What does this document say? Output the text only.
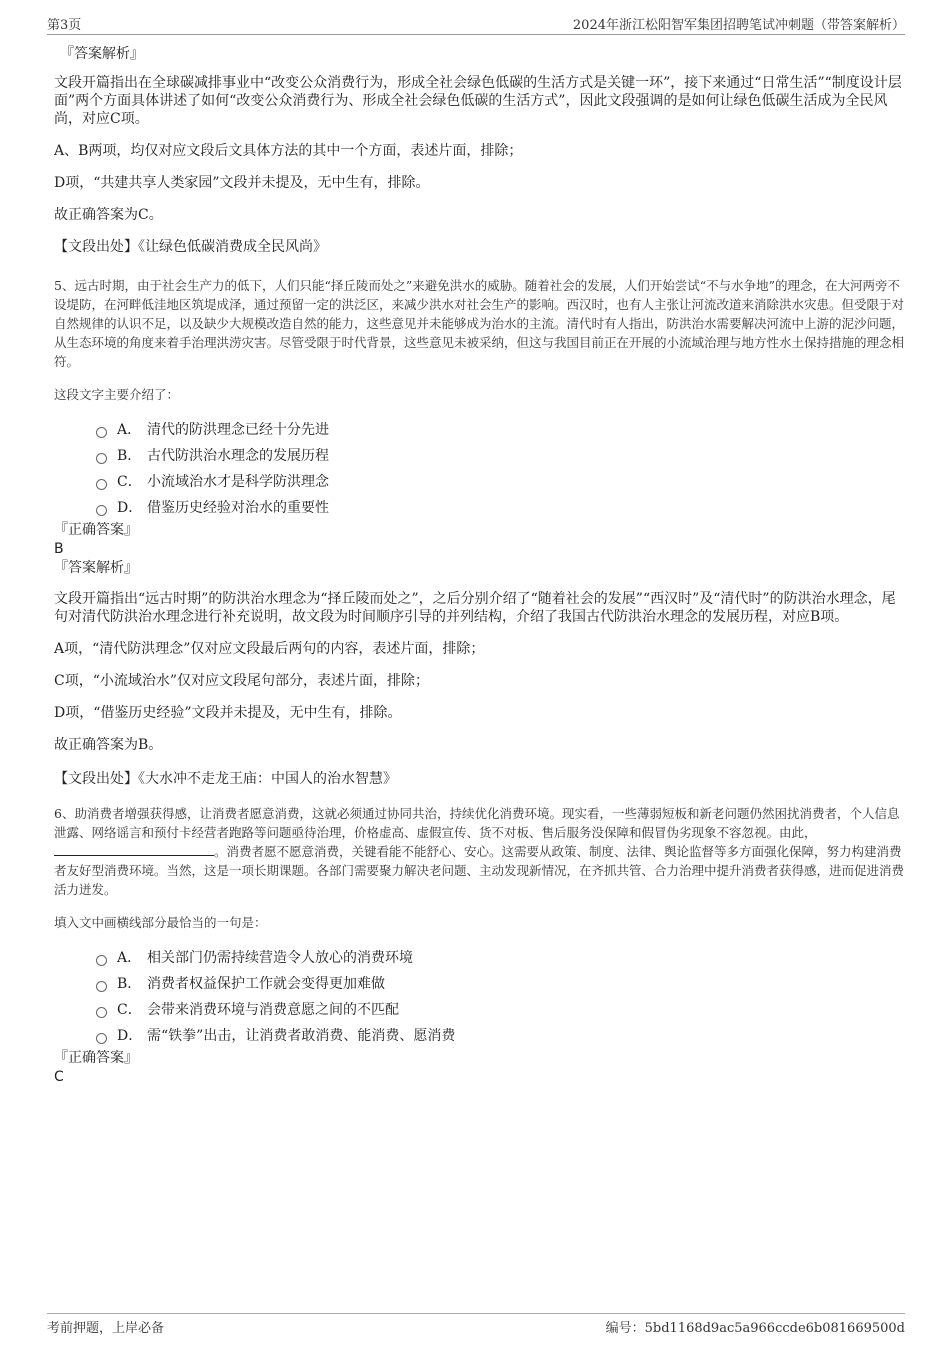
第3页	2024年浙江松阳智军集团招聘笔试冲刺题（带答案解析）

『答案解析』

文段开篇指出在全球碳减排事业中“改变公众消费行为，形成全社会绿色低碳的生活方式是关键一环”，接下来通过“日常生活”“制度设计层面”两个方面具体讲述了如何“改变公众消费行为、形成全社会绿色低碳的生活方式”，因此文段强调的是如何让绿色低碳生活成为全民风尚，对应C项。

A、B两项，均仅对应文段后文具体方法的其中一个方面，表述片面，排除；

D项，“共建共享人类家园”文段并未提及，无中生有，排除。

故正确答案为C。

【文段出处】《让绿色低碳消费成全民风尚》

5、远古时期，由于社会生产力的低下，人们只能“择丘陵而处之”来避免洪水的威胁。随着社会的发展，人们开始尝试“不与水争地”的理念，在大河两旁不设堤防，在河畔低洼地区筑堤成泽，通过预留一定的洪泛区，来减少洪水对社会生产的影响。西汉时，也有人主张让河流改道来消除洪水灾患。但受限于对自然规律的认识不足，以及缺少大规模改造自然的能力，这些意见并未能够成为治水的主流。清代时有人指出，防洪治水需要解决河流中上游的泥沙问题，从生态环境的角度来着手治理洪涝灾害。尽管受限于时代背景，这些意见未被采纳，但这与我国目前正在开展的小流域治理与地方性水土保持措施的理念相符。

这段文字主要介绍了：

A． 清代的防洪理念已经十分先进
B． 古代防洪治水理念的发展历程
C． 小流域治水才是科学防洪理念
D． 借鉴历史经验对治水的重要性

『正确答案』

B

『答案解析』

文段开篇指出“远古时期”的防洪治水理念为“择丘陵而处之”，之后分别介绍了“随着社会的发展”“西汉时”及“清代时”的防洪治水理念，尾句对清代防洪治水理念进行补充说明，故文段为时间顺序引导的并列结构，介绍了我国古代防洪治水理念的发展历程，对应B项。

A项，“清代防洪理念”仅对应文段最后两句的内容，表述片面，排除；

C项，“小流域治水”仅对应文段尾句部分，表述片面，排除；

D项，“借鉴历史经验”文段并未提及，无中生有，排除。

故正确答案为B。

【文段出处】《大水冲不走龙王庙：中国人的治水智慧》

6、助消费者增强获得感，让消费者愿意消费，这就必须通过协同共治，持续优化消费环境。现实看，一些薄弱短板和新老问题仍然困扰消费者，个人信息泄露、网络谣言和预付卡经营者跑路等问题亟待治理，价格虚高、虚假宣传、货不对板、售后服务没保障和假冒伪劣现象不容忽视。由此，。消费者愿不愿意消费，关键看能不能舒心、安心。这需要从政策、制度、法律、舆论监督等多方面强化保障，努力构建消费者友好型消费环境。当然，这是一项长期课题。各部门需要聚力解决老问题、主动发现新情况，在齐抓共管、合力治理中提升消费者获得感，进而促进消费活力迸发。

填入文中画横线部分最恰当的一句是：

A． 相关部门仍需持续营造令人放心的消费环境
B． 消费者权益保护工作就会变得更加难做
C． 会带来消费环境与消费意愿之间的不匹配
D． 需“铁拳”出击，让消费者敢消费、能消费、愿消费

『正确答案』

C

考前押题，上岸必备	编号：5bd1168d9ac5a966ccde6b081669500d
